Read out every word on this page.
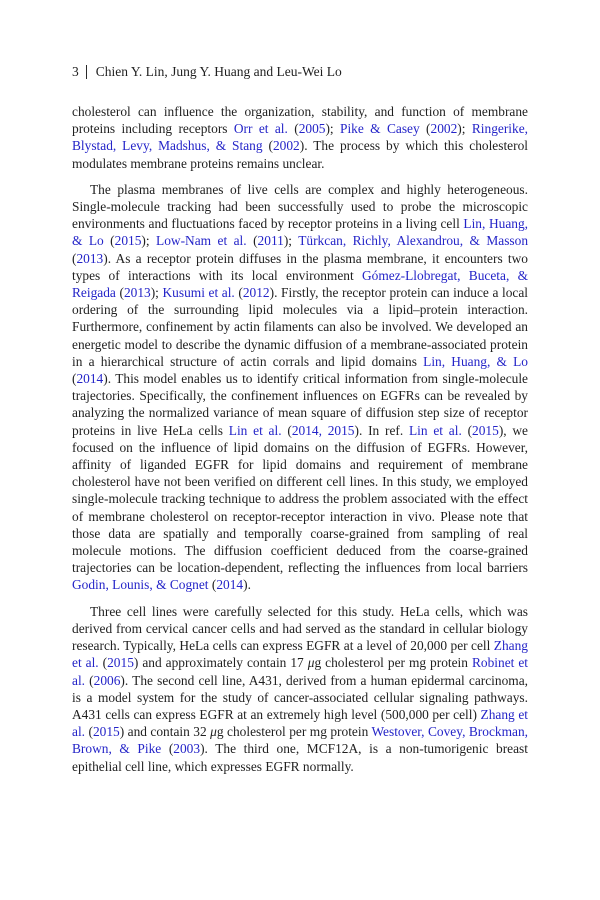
3 Chien Y. Lin, Jung Y. Huang and Leu-Wei Lo

cholesterol can influence the organization, stability, and function of membrane proteins including receptors Orr et al. (2005); Pike & Casey (2002); Ringerike, Blystad, Levy, Madshus, & Stang (2002). The process by which this cholesterol modulates membrane proteins remains unclear.

The plasma membranes of live cells are complex and highly heterogeneous. Single-molecule tracking had been successfully used to probe the microscopic environments and fluctuations faced by receptor proteins in a living cell Lin, Huang, & Lo (2015); Low-Nam et al. (2011); Türkcan, Richly, Alexandrou, & Masson (2013). As a receptor protein diffuses in the plasma membrane, it encounters two types of interactions with its local environment Gómez-Llobregat, Buceta, & Reigada (2013); Kusumi et al. (2012). Firstly, the receptor protein can induce a local ordering of the surrounding lipid molecules via a lipid–protein interaction. Furthermore, confinement by actin filaments can also be involved. We developed an energetic model to describe the dynamic diffusion of a membrane-associated protein in a hierarchical structure of actin corrals and lipid domains Lin, Huang, & Lo (2014). This model enables us to identify critical information from single-molecule trajectories. Specifically, the confinement influences on EGFRs can be revealed by analyzing the normalized variance of mean square of diffusion step size of receptor proteins in live HeLa cells Lin et al. (2014, 2015). In ref. Lin et al. (2015), we focused on the influence of lipid domains on the diffusion of EGFRs. However, affinity of liganded EGFR for lipid domains and requirement of membrane cholesterol have not been verified on different cell lines. In this study, we employed single-molecule tracking technique to address the problem associated with the effect of membrane cholesterol on receptor-receptor interaction in vivo. Please note that those data are spatially and temporally coarse-grained from sampling of real molecule motions. The diffusion coefficient deduced from the coarse-grained trajectories can be location-dependent, reflecting the influences from local barriers Godin, Lounis, & Cognet (2014).

Three cell lines were carefully selected for this study. HeLa cells, which was derived from cervical cancer cells and had served as the standard in cellular biology research. Typically, HeLa cells can express EGFR at a level of 20,000 per cell Zhang et al. (2015) and approximately contain 17 μg cholesterol per mg protein Robinet et al. (2006). The second cell line, A431, derived from a human epidermal carcinoma, is a model system for the study of cancer-associated cellular signaling pathways. A431 cells can express EGFR at an extremely high level (500,000 per cell) Zhang et al. (2015) and contain 32 μg cholesterol per mg protein Westover, Covey, Brockman, Brown, & Pike (2003). The third one, MCF12A, is a non-tumorigenic breast epithelial cell line, which expresses EGFR normally.
